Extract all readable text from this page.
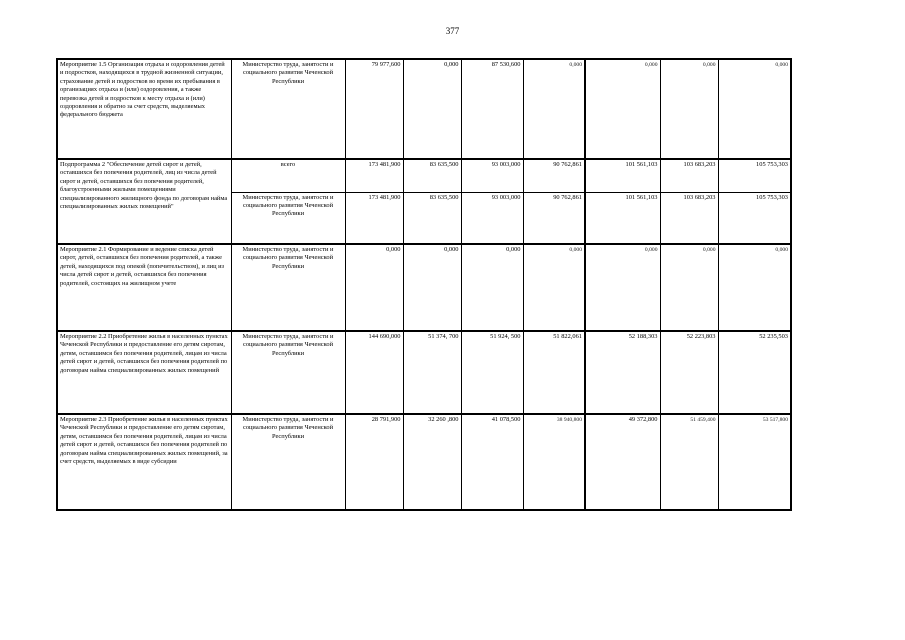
377
Мероприятие 1.5 Организация отдыха и оздоровления детей и подростков, находящихся в трудной жизненной ситуации, страхование детей и подростков во время их пребывания в организациях отдыха и (или) оздоровления, а также перевозка детей и подростков к месту отдыха и (или) оздоровления и обратно за счет средств, выделяемых федерального бюджета	Министерство труда, занятости и социального развития Чеченской Республики	79 977,600	0,000	87 530,600	0,000	0,000	0,000	0,000
Подпрограмма 2 "Обеспечение детей сирот и детей, оставшихся без попечения родителей, лиц из числа детей сирот и детей, оставшихся без попечения родителей, благоустроенными жилыми помещениями специализированного жилищного фонда по договорам найма специализированных жилых помещений"	всего	173 481,900	83 635,500	93 003,000	90 762,861	101 561,103	103 683,203	105 753,303
	Министерство труда, занятости и социального развития Чеченской Республики	173 481,900	83 635,500	93 003,000	90 762,861	101 561,103	103 683,203	105 753,303
Мероприятие 2.1 Формирование и ведение списка детей сирот, детей, оставшихся без попечения родителей, а также детей, находящихся под опекой (попечительством), и лиц из числа детей сирот и детей, оставшихся без попечения родителей, состоящих на жилищном учете	Министерство труда, занятости и социального развития Чеченской Республики	0,000	0,000	0,000	0,000	0,000	0,000	0,000
Мероприятие 2.2 Приобретение жилья в населенных пунктах Чеченской Республики и предоставление его детям сиротам, детям, оставшимся без попечения родителей, лицам из числа детей сирот и детей, оставшихся без попечения родителей по договорам найма специализированных жилых помещений	Министерство труда, занятости и социального развития Чеченской Республики	144 690,000	51 374, 700	51 924, 500	51 822,061	52 188,303	52 223,803	52 235,503
Мероприятие 2.3 Приобретение жилья в населенных пунктах Чеченской Республики и предоставление его детям сиротам, детям, оставшимся без попечения родителей, лицам из числа детей сирот и детей, оставшихся без попечения родителей по договорам найма специализированных жилых помещений, за счет средств, выделяемых в виде субсидии	Министерство труда, занятости и социального развития Чеченской Республики	28 791,900	32 260 ,800	41 078,500	38 940,800	49 372,800	51 459,400	53 517,800
